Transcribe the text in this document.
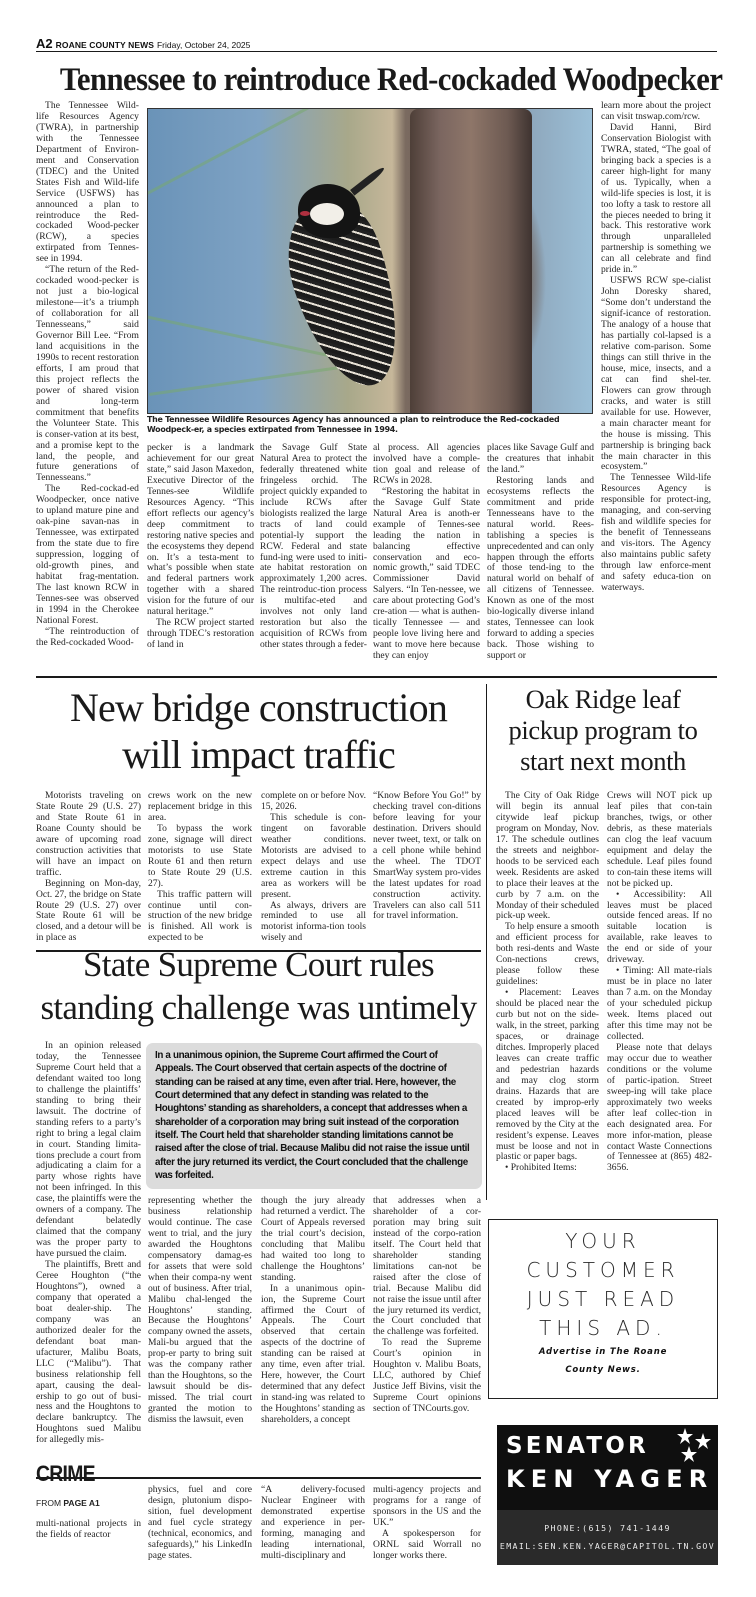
A2 ROANE COUNTY NEWS Friday, October 24, 2025
Tennessee to reintroduce Red-cockaded Woodpecker

The Tennessee Wild-life Resources Agency (TWRA), in partnership with the Tennessee Department of Environ-ment and Conservation (TDEC) and the United States Fish and Wild-life Service (USFWS) has announced a plan to reintroduce the Red-cockaded Wood-pecker (RCW), a species extirpated from Tennes-see in 1994.

“The return of the Red-cockaded wood-pecker is not just a bio-logical milestone—it’s a triumph of collaboration for all Tennesseans,” said Governor Bill Lee. “From land acquisitions in the 1990s to recent restoration efforts, I am proud that this project reflects the power of shared vision and long-term commitment that benefits the Volunteer State. This is conser-vation at its best, and a promise kept to the land, the people, and future generations of Tennesseans.”

The Red-cockad-ed Woodpecker, once native to upland mature pine and oak-pine savan-nas in Tennessee, was extirpated from the state due to fire suppression, logging of old-growth pines, and habitat frag-mentation. The last known RCW in Tennes-see was observed in 1994 in the Cherokee National Forest.

“The reintroduction of the Red-cockaded Wood-

The Tennessee Wildlife Resources Agency has announced a plan to reintroduce the Red-cockaded Woodpeck-er, a species extirpated from Tennessee in 1994.

pecker is a landmark achievement for our great state,” said Jason Maxedon, Executive Director of the Tennes-see Wildlife Resources Agency. “This effort reflects our agency’s deep commitment to restoring native species and the ecosystems they depend on. It’s a testa-ment to what’s possible when state and federal partners work together with a shared vision for the future of our natural heritage.”

The RCW project started through TDEC’s restoration of land in

the Savage Gulf State Natural Area to protect the federally threatened white fringeless orchid. The project quickly expanded to include RCWs after biologists realized the large tracts of land could potential-ly support the RCW. Federal and state fund-ing were used to initi-ate habitat restoration on approximately 1,200 acres. The reintroduc-tion process is multifac-eted and involves not only land restoration but also the acquisition of RCWs from other states through a feder-

al process. All agencies involved have a comple-tion goal and release of RCWs in 2028.

“Restoring the habitat in the Savage Gulf State Natural Area is anoth-er example of Tennes-see leading the nation in balancing effective conservation and eco-nomic growth,” said TDEC Commissioner David Salyers. “In Ten-nessee, we care about protecting God’s cre-ation — what is authen-tically Tennessee — and people love living here and want to move here because they can enjoy

places like Savage Gulf and the creatures that inhabit the land.”

Restoring lands and ecosystems reflects the commitment and pride Tennesseans have to the natural world. Rees-tablishing a species is unprecedented and can only happen through the efforts of those tend-ing to the natural world on behalf of all citizens of Tennessee. Known as one of the most bio-logically diverse inland states, Tennessee can look forward to adding a species back. Those wishing to support or

learn more about the project can visit tnswap.com/rcw.

David Hanni, Bird Conservation Biologist with TWRA, stated, “The goal of bringing back a species is a career high-light for many of us. Typically, when a wild-life species is lost, it is too lofty a task to restore all the pieces needed to bring it back. This restorative work through unparalleled partnership is something we can all celebrate and find pride in.”

USFWS RCW spe-cialist John Doresky shared, “Some don’t understand the signif-icance of restoration. The analogy of a house that has partially col-lapsed is a relative com-parison. Some things can still thrive in the house, mice, insects, and a cat can find shel-ter. Flowers can grow through cracks, and water is still available for use. However, a main character meant for the house is missing. This partnership is bringing back the main character in this ecosystem.”

The Tennessee Wild-life Resources Agency is responsible for protect-ing, managing, and con-serving fish and wildlife species for the benefit of Tennesseans and vis-itors. The Agency also maintains public safety through law enforce-ment and safety educa-tion on waterways.

New bridge construction
will impact traffic

Motorists traveling on State Route 29 (U.S. 27) and State Route 61 in Roane County should be aware of upcoming road construction activities that will have an impact on traffic.

Beginning on Mon-day, Oct. 27, the bridge on State Route 29 (U.S. 27) over State Route 61 will be closed, and a detour will be in place as

crews work on the new replacement bridge in this area.

To bypass the work zone, signage will direct motorists to use State Route 61 and then return to State Route 29 (U.S. 27).

This traffic pattern will continue until con-struction of the new bridge is finished. All work is expected to be

complete on or before Nov. 15, 2026.

This schedule is con-tingent on favorable weather conditions. Motorists are advised to expect delays and use extreme caution in this area as workers will be present.

As always, drivers are reminded to use all motorist informa-tion tools wisely and

“Know Before You Go!” by checking travel con-ditions before leaving for your destination. Drivers should never tweet, text, or talk on a cell phone while behind the wheel. The TDOT SmartWay system pro-vides the latest updates for road construction activity. Travelers can also call 511 for travel information.

Oak Ridge leaf
pickup program to
start next month

The City of Oak Ridge will begin its annual citywide leaf pickup program on Monday, Nov. 17. The schedule outlines the streets and neighbor-hoods to be serviced each week. Residents are asked to place their leaves at the curb by 7 a.m. on the Monday of their scheduled pick-up week.

To help ensure a smooth and efficient process for both resi-dents and Waste Con-nections crews, please follow these guidelines:

• Placement: Leaves should be placed near the curb but not on the side-walk, in the street, parking spaces, or drainage ditches. Improperly placed leaves can create traffic and pedestrian hazards and may clog storm drains. Hazards that are created by improp-erly placed leaves will be removed by the City at the resident’s expense. Leaves must be loose and not in plastic or paper bags.

• Prohibited Items:

Crews will NOT pick up leaf piles that con-tain branches, twigs, or other debris, as these materials can clog the leaf vacuum equipment and delay the schedule. Leaf piles found to con-tain these items will not be picked up.

• Accessibility: All leaves must be placed outside fenced areas. If no suitable location is available, rake leaves to the end or side of your driveway.

• Timing: All mate-rials must be in place no later than 7 a.m. on the Monday of your scheduled pickup week. Items placed out after this time may not be collected.

Please note that delays may occur due to weather conditions or the volume of partic-ipation. Street sweep-ing will take place approximately two weeks after leaf collec-tion in each designated area. For more infor-mation, please contact Waste Connections of Tennessee at (865) 482-3656.

State Supreme Court rules
standing challenge was untimely

In an opinion released today, the Tennessee Supreme Court held that a defendant waited too long to challenge the plaintiffs’ standing to bring their lawsuit. The doctrine of standing refers to a party’s right to bring a legal claim in court. Standing limita-tions preclude a court from adjudicating a claim for a party whose rights have not been infringed. In this case, the plaintiffs were the owners of a company. The defendant belatedly claimed that the company was the proper party to have pursued the claim.

The plaintiffs, Brett and Ceree Houghton (“the Houghtons”), owned a company that operated a boat dealer-ship. The company was an authorized dealer for the defendant boat man-ufacturer, Malibu Boats, LLC (“Malibu”). That business relationship fell apart, causing the deal-ership to go out of busi-ness and the Houghtons to declare bankruptcy. The Houghtons sued Malibu for allegedly mis-

In a unanimous opinion, the Supreme Court affirmed the Court of Appeals. The Court observed that certain aspects of the doctrine of standing can be raised at any time, even after trial. Here, however, the Court determined that any defect in standing was related to the Houghtons’ standing as shareholders, a concept that addresses when a shareholder of a corporation may bring suit instead of the corporation itself. The Court held that shareholder standing limitations cannot be raised after the close of trial. Because Malibu did not raise the issue until after the jury returned its verdict, the Court concluded that the challenge was forfeited.

representing whether the business relationship would continue. The case went to trial, and the jury awarded the Houghtons compensatory damag-es for assets that were sold when their compa-ny went out of business. After trial, Malibu chal-lenged the Houghtons’ standing. Because the Houghtons’ company owned the assets, Mali-bu argued that the prop-er party to bring suit was the company rather than the Houghtons, so the lawsuit should be dis-missed. The trial court granted the motion to dismiss the lawsuit, even

though the jury already had returned a verdict. The Court of Appeals reversed the trial court’s decision, concluding that Malibu had waited too long to challenge the Houghtons’ standing.

In a unanimous opin-ion, the Supreme Court affirmed the Court of Appeals. The Court observed that certain aspects of the doctrine of standing can be raised at any time, even after trial. Here, however, the Court determined that any defect in stand-ing was related to the Houghtons’ standing as shareholders, a concept

that addresses when a shareholder of a cor-poration may bring suit instead of the corpo-ration itself. The Court held that shareholder standing limitations can-not be raised after the close of trial. Because Malibu did not raise the issue until after the jury returned its verdict, the Court concluded that the challenge was forfeited.

To read the Supreme Court’s opinion in Houghton v. Malibu Boats, LLC, authored by Chief Justice Jeff Bivins, visit the Supreme Court opinions section of TNCourts.gov.

CRIME
FROM PAGE A1

multi-national projects in the fields of reactor

physics, fuel and core design, plutonium dispo-sition, fuel development and fuel cycle strategy (technical, economics, and safeguards),” his LinkedIn page states.

“A delivery-focused Nuclear Engineer with demonstrated expertise and experience in per-forming, managing and leading international, multi-disciplinary and

multi-agency projects and programs for a range of sponsors in the US and the UK.”

A spokesperson for ORNL said Worrall no longer works there.

YOUR
CUSTOMER
JUST READ
THIS AD.
Advertise in The Roane
County News.
SENATOR
KEN YAGER
PHONE:(615) 741-1449
EMAIL:SEN.KEN.YAGER@CAPITOL.TN.GOV
